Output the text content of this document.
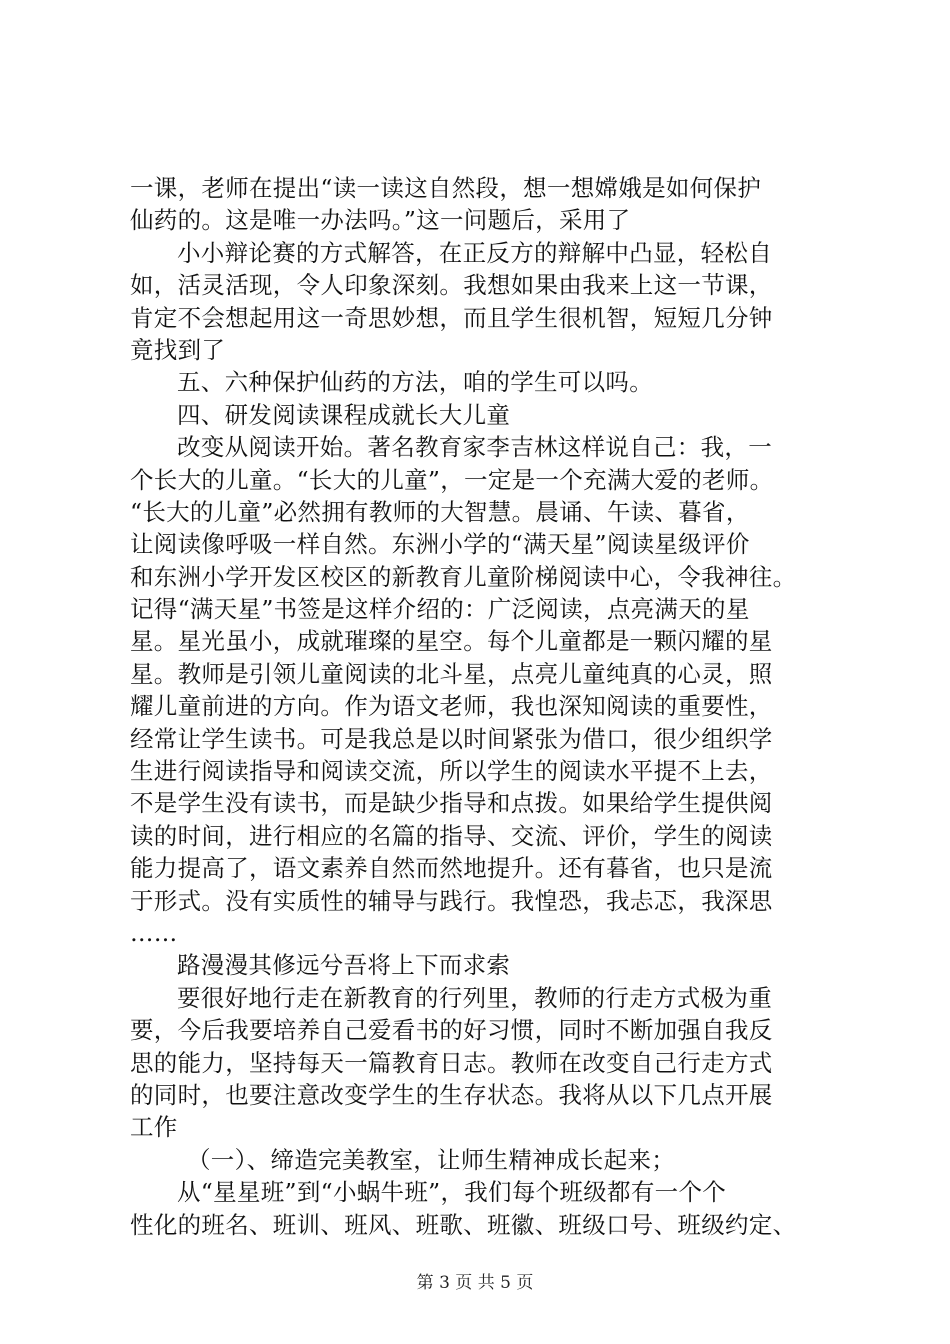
一课，老师在提出“读一读这自然段，想一想嫦娥是如何保护
仙药的。这是唯一办法吗。”这一问题后，采用了
小小辩论赛的方式解答，在正反方的辩解中凸显，轻松自
如，活灵活现，令人印象深刻。我想如果由我来上这一节课，
肯定不会想起用这一奇思妙想，而且学生很机智，短短几分钟
竟找到了
五、六种保护仙药的方法，咱的学生可以吗。
四、研发阅读课程成就长大儿童
改变从阅读开始。著名教育家李吉林这样说自己：我，一
个长大的儿童。“长大的儿童”，一定是一个充满大爱的老师。
“长大的儿童”必然拥有教师的大智慧。晨诵、午读、暮省，
让阅读像呼吸一样自然。东洲小学的“满天星”阅读星级评价
和东洲小学开发区校区的新教育儿童阶梯阅读中心，令我神往。
记得“满天星”书签是这样介绍的：广泛阅读，点亮满天的星
星。星光虽小，成就璀璨的星空。每个儿童都是一颗闪耀的星
星。教师是引领儿童阅读的北斗星，点亮儿童纯真的心灵，照
耀儿童前进的方向。作为语文老师，我也深知阅读的重要性，
经常让学生读书。可是我总是以时间紧张为借口，很少组织学
生进行阅读指导和阅读交流，所以学生的阅读水平提不上去，
不是学生没有读书，而是缺少指导和点拨。如果给学生提供阅
读的时间，进行相应的名篇的指导、交流、评价，学生的阅读
能力提高了，语文素养自然而然地提升。还有暮省，也只是流
于形式。没有实质性的辅导与践行。我惶恐，我忐忑，我深思
……
路漫漫其修远兮吾将上下而求索
要很好地行走在新教育的行列里，教师的行走方式极为重
要，今后我要培养自己爱看书的好习惯，同时不断加强自我反
思的能力，坚持每天一篇教育日志。教师在改变自己行走方式
的同时，也要注意改变学生的生存状态。我将从以下几点开展
工作
（一）、缔造完美教室，让师生精神成长起来；
从“星星班”到“小蜗牛班”，我们每个班级都有一个个
性化的班名、班训、班风、班歌、班徽、班级口号、班级约定、
第 3 页 共 5 页
